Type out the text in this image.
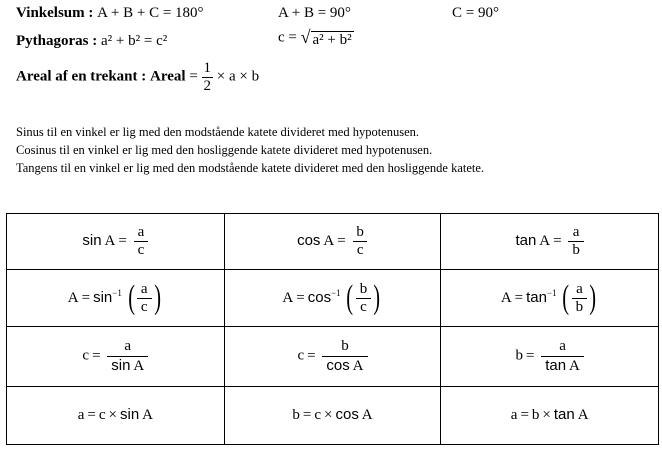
Vinkelsum : A + B + C = 180°	A + B = 90°	C = 90°
Pythagoras : a² + b² = c²	c = √ a² + b²
Areal af en trekant : Areal = $\frac{1}{2} \times a \times b$
Sinus til en vinkel er lig med den modstående katete divideret med hypotenusen.
Cosinus til en vinkel er lig med den hosliggende katete divideret med hypotenusen.
Tangens til en vinkel er lig med den modstående katete divideret med den hosliggende katete.
$\sin A = \frac{a}{c}$	$\cos A = \frac{b}{c}$	$\tan A = \frac{a}{b}$

$A = \sin^{-1}$ ( $\frac{a}{c}$ )	$A = \cos^{-1}$ ( $\frac{b}{c}$ )	$A = \tan^{-1}$ ( $\frac{a}{b}$ )

$c = \frac{a}{\text{sin A}}$	$c = \frac{b}{\text{cos A}}$	$b = \frac{a}{\text{tan A}}$

a = c × sin A	b = c × cos A	a = b × tan A
